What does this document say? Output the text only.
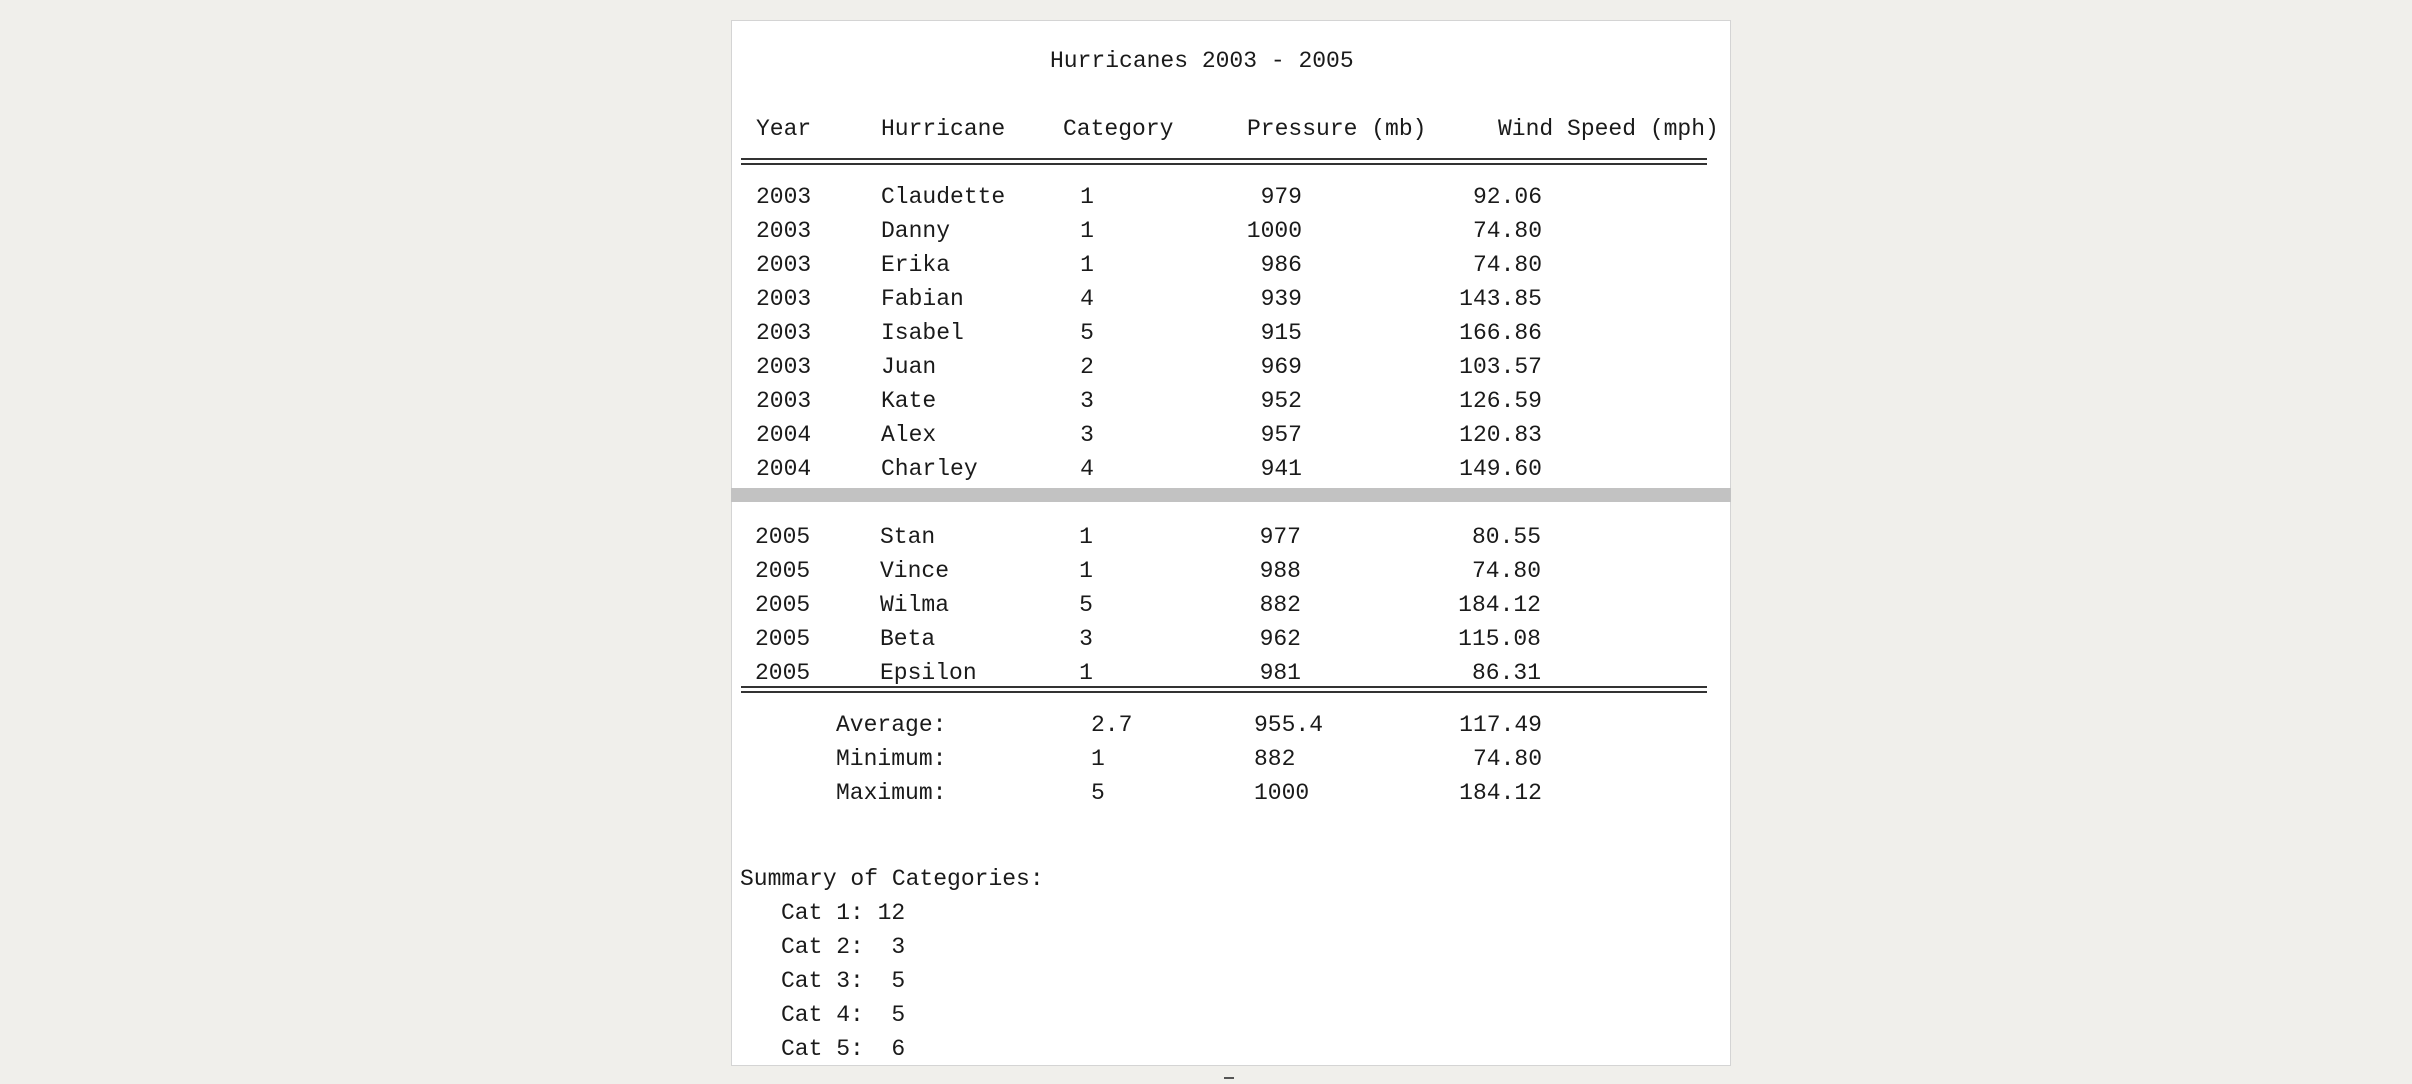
Hurricanes 2003 - 2005
Year	Hurricane	Category	Pressure (mb)	Wind Speed (mph)
2003	Claudette	1	979	92.06
2003	Danny	1	1000	74.80
2003	Erika	1	986	74.80
2003	Fabian	4	939	143.85
2003	Isabel	5	915	166.86
2003	Juan	2	969	103.57
2003	Kate	3	952	126.59
2004	Alex	3	957	120.83
2004	Charley	4	941	149.60
2005	Stan	1	977	80.55
2005	Vince	1	988	74.80
2005	Wilma	5	882	184.12
2005	Beta	3	962	115.08
2005	Epsilon	1	981	86.31
Average:	2.7	955.4	117.49
Minimum:	1	882	74.80
Maximum:	5	1000	184.12
Summary of Categories:
Cat 1: 12
Cat 2:  3
Cat 3:  5
Cat 4:  5
Cat 5:  6
